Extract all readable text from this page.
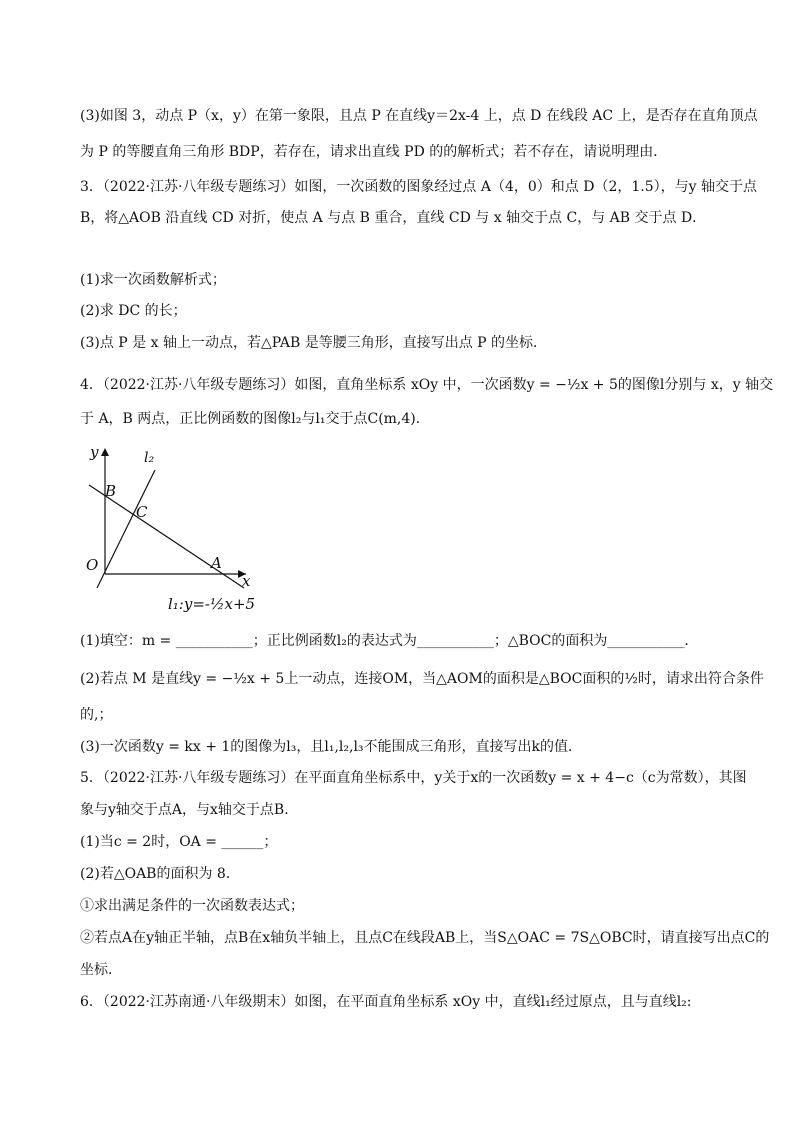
(3)如图 3，动点 P（x，y）在第一象限，且点 P 在直线y＝2x-4 上，点 D 在线段 AC 上，是否存在直角顶点
为 P 的等腰直角三角形 BDP，若存在，请求出直线 PD 的的解析式；若不存在，请说明理由．
3．（2022·江苏·八年级专题练习）如图，一次函数的图象经过点 A（4，0）和点 D（2，1.5），与y 轴交于点
B，将△AOB 沿直线 CD 对折，使点 A 与点 B 重合，直线 CD 与 x 轴交于点 C，与 AB 交于点 D．
(1)求一次函数解析式；
(2)求 DC 的长；
(3)点 P 是 x 轴上一动点，若△PAB 是等腰三角形，直接写出点 P 的坐标．
4．（2022·江苏·八年级专题练习）如图，直角坐标系 xOy 中，一次函数y = −½x + 5的图像l分别与 x，y 轴交
于 A，B 两点，正比例函数的图像l₂与l₁交于点C(m,4)．
y
x
l₂
B
C
O	A
l₁:y=-½x+5
(1)填空：m = ___________；正比例函数l₂的表达式为___________；△BOC的面积为___________．
(2)若点 M 是直线y = −½x + 5上一动点，连接OM，当△AOM的面积是△BOC面积的½时，请求出符合条件
的,；
(3)一次函数y = kx + 1的图像为l₃，且l₁,l₂,l₃不能围成三角形，直接写出k的值．
5．（2022·江苏·八年级专题练习）在平面直角坐标系中，y关于x的一次函数y = x + 4−c（c为常数），其图
象与y轴交于点A，与x轴交于点B．
(1)当c = 2时，OA = ______；
(2)若△OAB的面积为 8．
①求出满足条件的一次函数表达式；
②若点A在y轴正半轴，点B在x轴负半轴上，且点C在线段AB上，当S△OAC = 7S△OBC时，请直接写出点C的
坐标．
6．（2022·江苏南通·八年级期末）如图，在平面直角坐标系 xOy 中，直线l₁经过原点，且与直线l₂:
